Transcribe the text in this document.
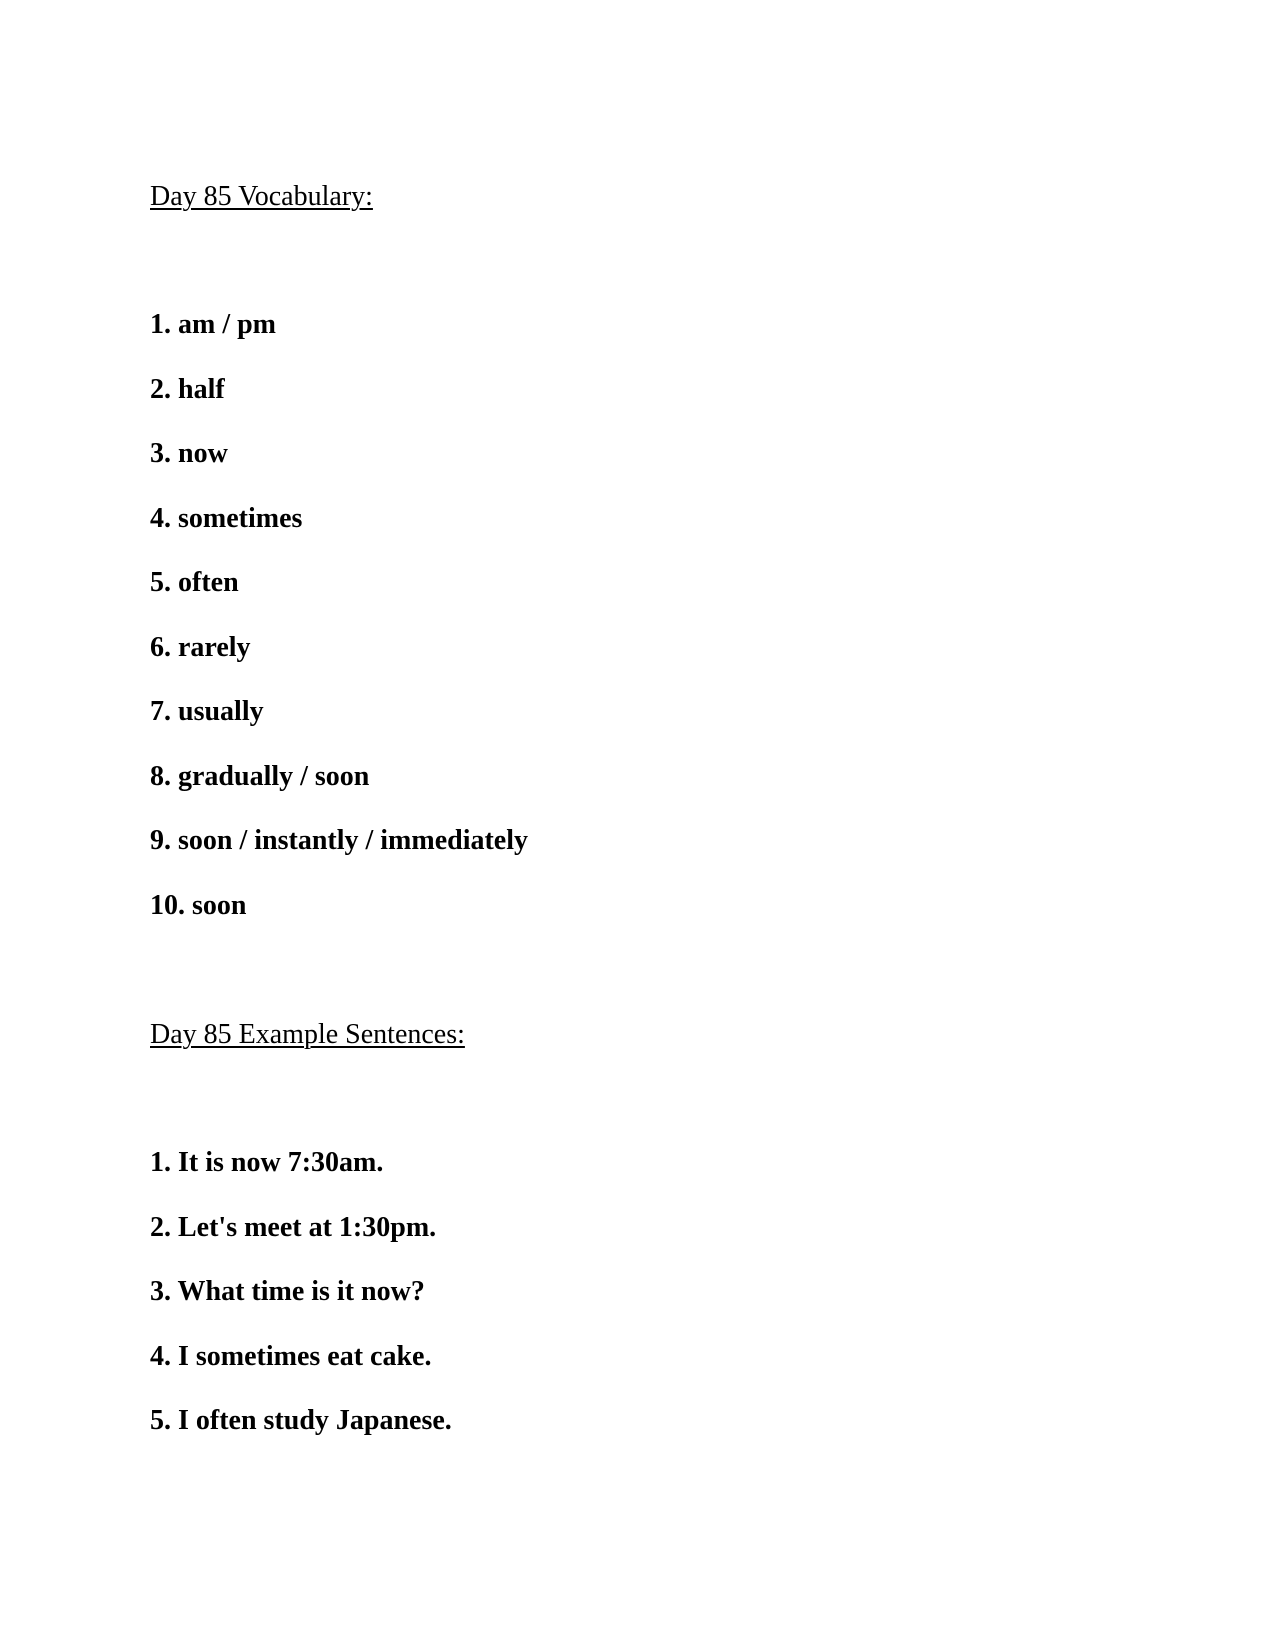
Day 85 Vocabulary:
1. am / pm
2. half
3. now
4. sometimes
5. often
6. rarely
7. usually
8. gradually / soon
9. soon / instantly / immediately
10. soon
Day 85 Example Sentences:
1. It is now 7:30am.
2. Let's meet at 1:30pm.
3. What time is it now?
4. I sometimes eat cake.
5. I often study Japanese.
